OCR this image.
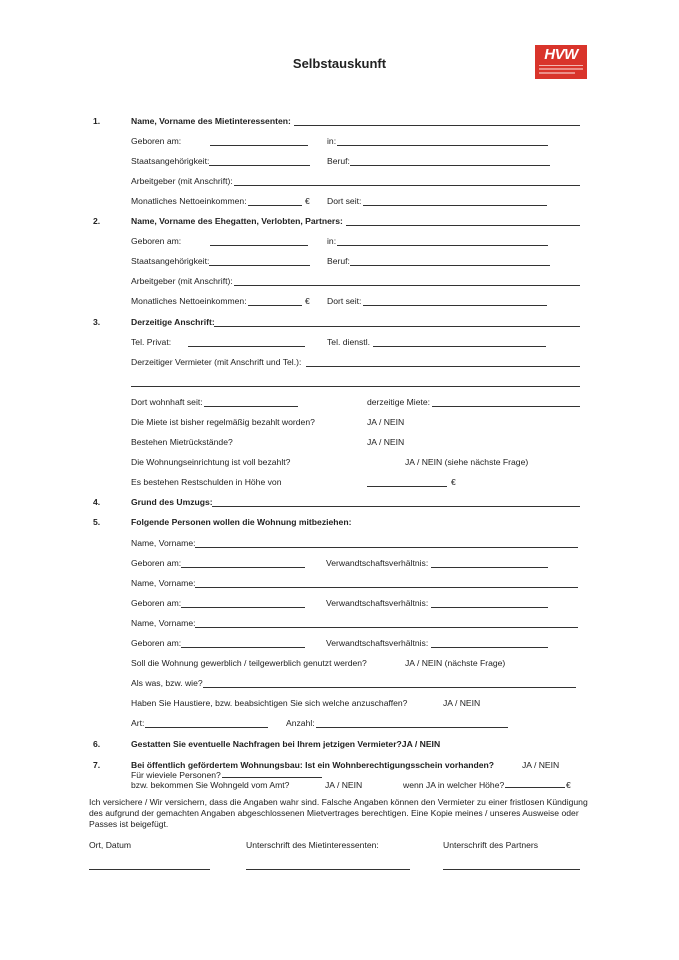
Selbstauskunft
HVW
Ich versichere / Wir versichern, dass die Angaben wahr sind. Falsche Angaben können den Vermieter zu einer fristlosen Kündigung des aufgrund der gemachten Angaben abgeschlossenen Mietvertrages berechtigen. Eine Kopie meines / unseres Ausweise oder Passes ist beigefügt.
1.	Name, Vorname des Mietinteressenten:
Geboren am:	in:
Staatsangehörigkeit:	Beruf:
Arbeitgeber (mit Anschrift):
Monatliches Nettoeinkommen:	€ Dort seit:
2.	Name, Vorname des Ehegatten, Verlobten, Partners:
Geboren am:	in:
Staatsangehörigkeit:	Beruf:
Arbeitgeber (mit Anschrift):
Monatliches Nettoeinkommen:	€ Dort seit:
3.	Derzeitige Anschrift:
Tel. Privat:	Tel. dienstl.
Derzeitiger Vermieter (mit Anschrift und Tel.):
Dort wohnhaft seit:	derzeitige Miete:
Die Miete ist bisher regelmäßig bezahlt worden?	JA / NEIN
Bestehen Mietrückstände?	JA / NEIN
Die Wohnungseinrichtung ist voll bezahlt?	JA / NEIN (siehe nächste Frage)
Es bestehen Restschulden in Höhe von	€
4.	Grund des Umzugs:
5.	Folgende Personen wollen die Wohnung mitbeziehen:
Name, Vorname:
Geboren am:	Verwandtschaftsverhältnis:
Name, Vorname:
Geboren am:	Verwandtschaftsverhältnis:
Name, Vorname:
Geboren am:	Verwandtschaftsverhältnis:
Soll die Wohnung gewerblich / teilgewerblich genutzt werden?	JA / NEIN (nächste Frage)
Als was, bzw. wie?
Haben Sie Haustiere, bzw. beabsichtigen Sie sich welche anzuschaffen?	JA / NEIN
Art:	Anzahl:
6.	Gestatten Sie eventuelle Nachfragen bei Ihrem jetzigen Vermieter?JA / NEIN
7.	Bei öffentlich gefördertem Wohnungsbau: Ist ein Wohnberechtigungsschein vorhanden?	JA / NEIN
Für wieviele Personen?
bzw. bekommen Sie Wohngeld vom Amt?	JA / NEIN	wenn JA in welcher Höhe?	€
Ort, Datum	Unterschrift des Mietinteressenten:	Unterschrift des Partners
